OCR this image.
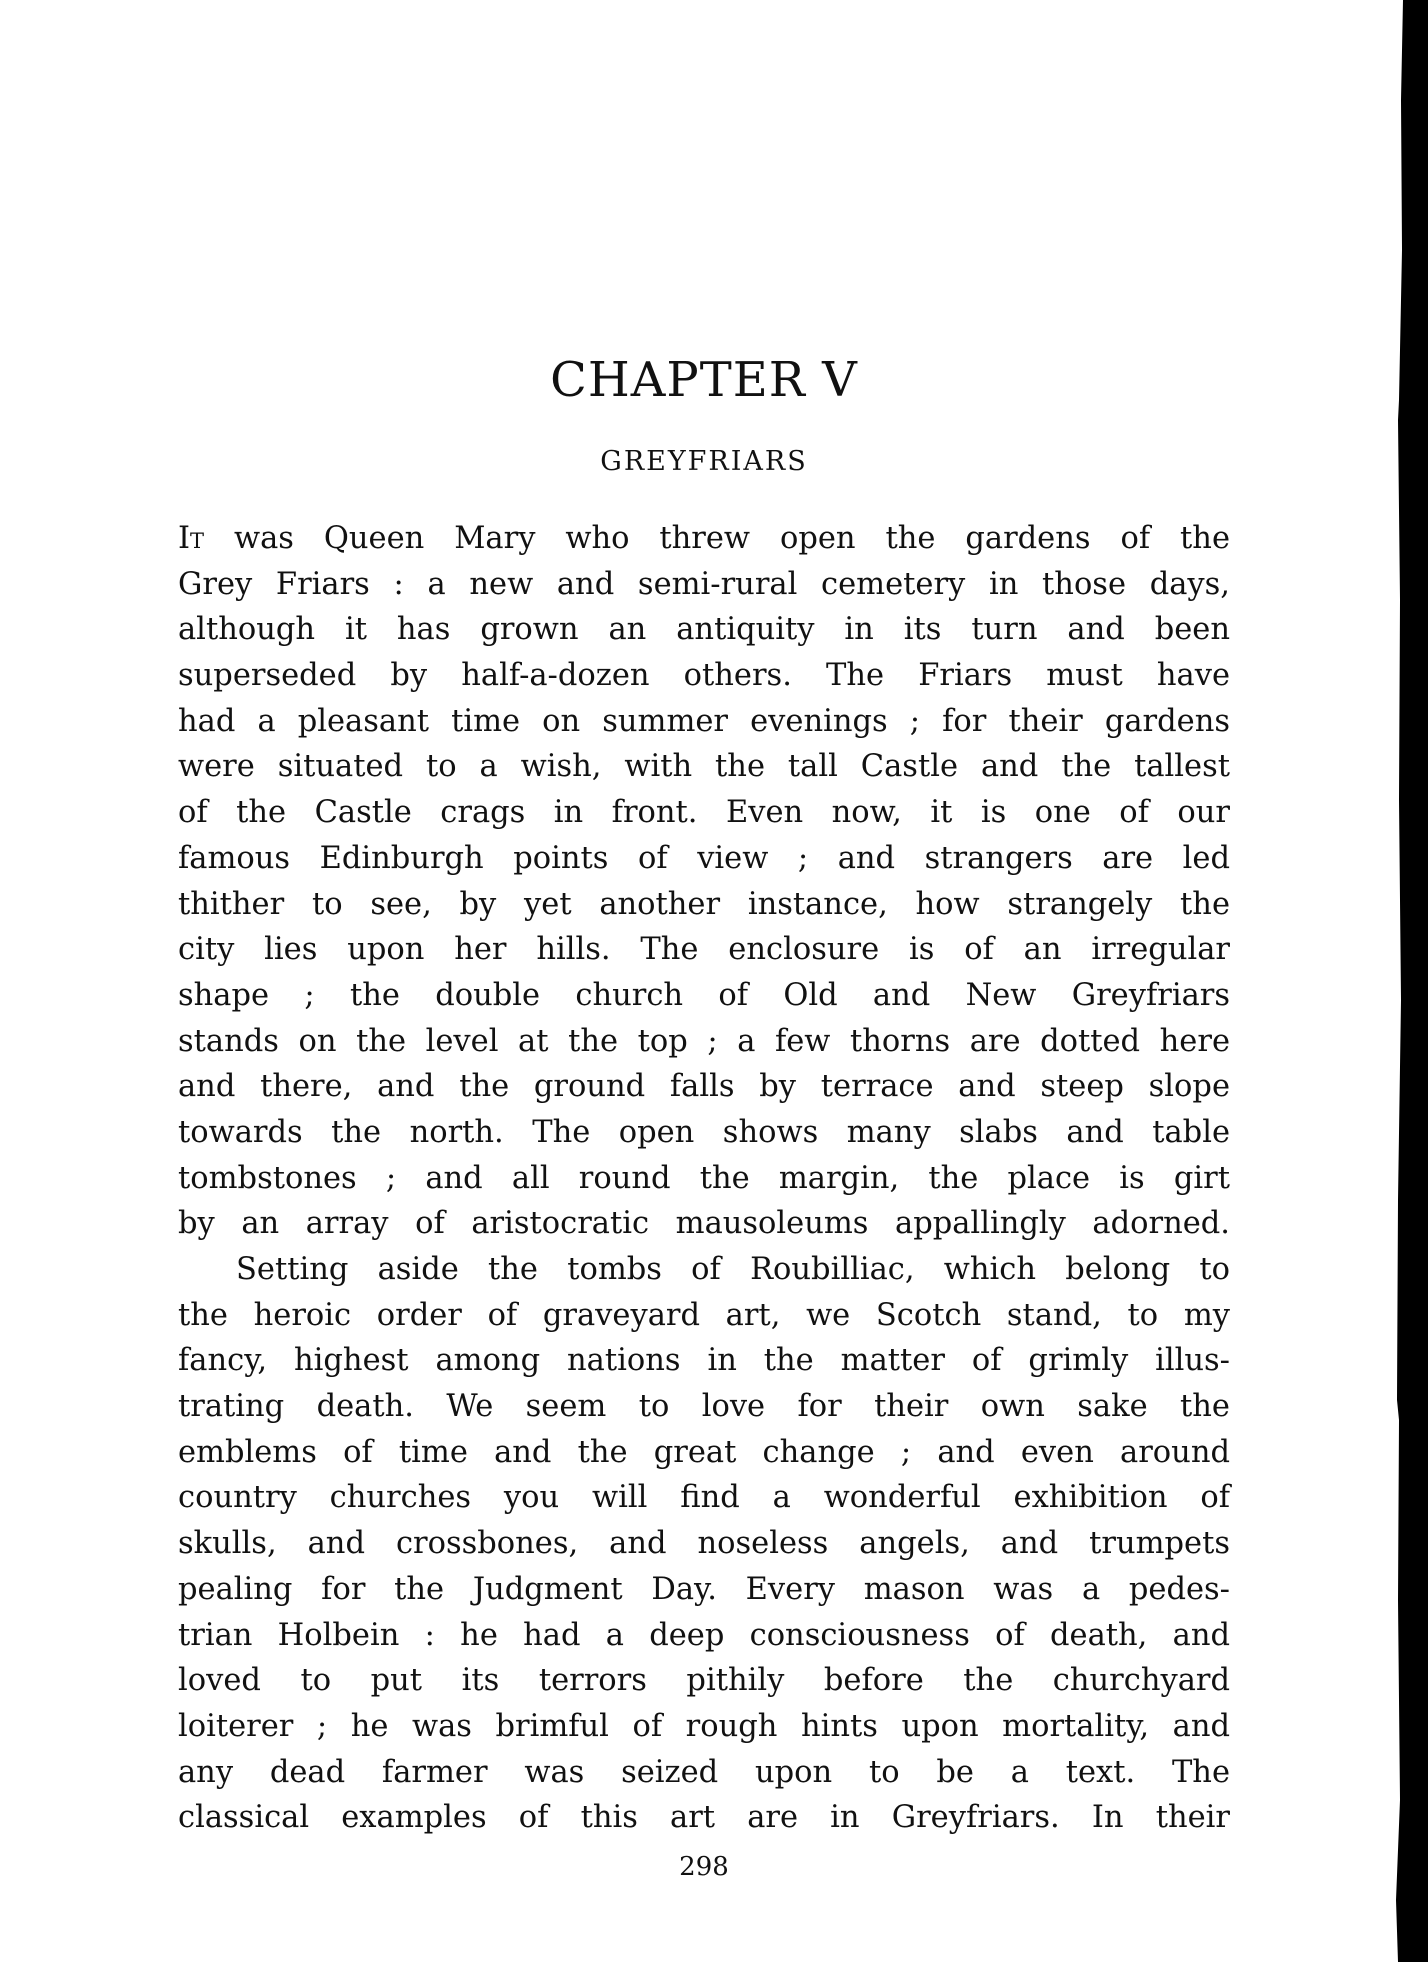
CHAPTER V
GREYFRIARS
It was Queen Mary who threw open the gardens of the
Grey Friars : a new and semi-rural cemetery in those days,
although it has grown an antiquity in its turn and been
superseded by half-a-dozen others. The Friars must have
had a pleasant time on summer evenings ; for their gardens
were situated to a wish, with the tall Castle and the tallest
of the Castle crags in front. Even now, it is one of our
famous Edinburgh points of view ; and strangers are led
thither to see, by yet another instance, how strangely the
city lies upon her hills. The enclosure is of an irregular
shape ; the double church of Old and New Greyfriars
stands on the level at the top ; a few thorns are dotted here
and there, and the ground falls by terrace and steep slope
towards the north. The open shows many slabs and table
tombstones ; and all round the margin, the place is girt
by an array of aristocratic mausoleums appallingly adorned.
Setting aside the tombs of Roubilliac, which belong to
the heroic order of graveyard art, we Scotch stand, to my
fancy, highest among nations in the matter of grimly illus-
trating death. We seem to love for their own sake the
emblems of time and the great change ; and even around
country churches you will find a wonderful exhibition of
skulls, and crossbones, and noseless angels, and trumpets
pealing for the Judgment Day. Every mason was a pedes-
trian Holbein : he had a deep consciousness of death, and
loved to put its terrors pithily before the churchyard
loiterer ; he was brimful of rough hints upon mortality, and
any dead farmer was seized upon to be a text. The
classical examples of this art are in Greyfriars. In their
298
